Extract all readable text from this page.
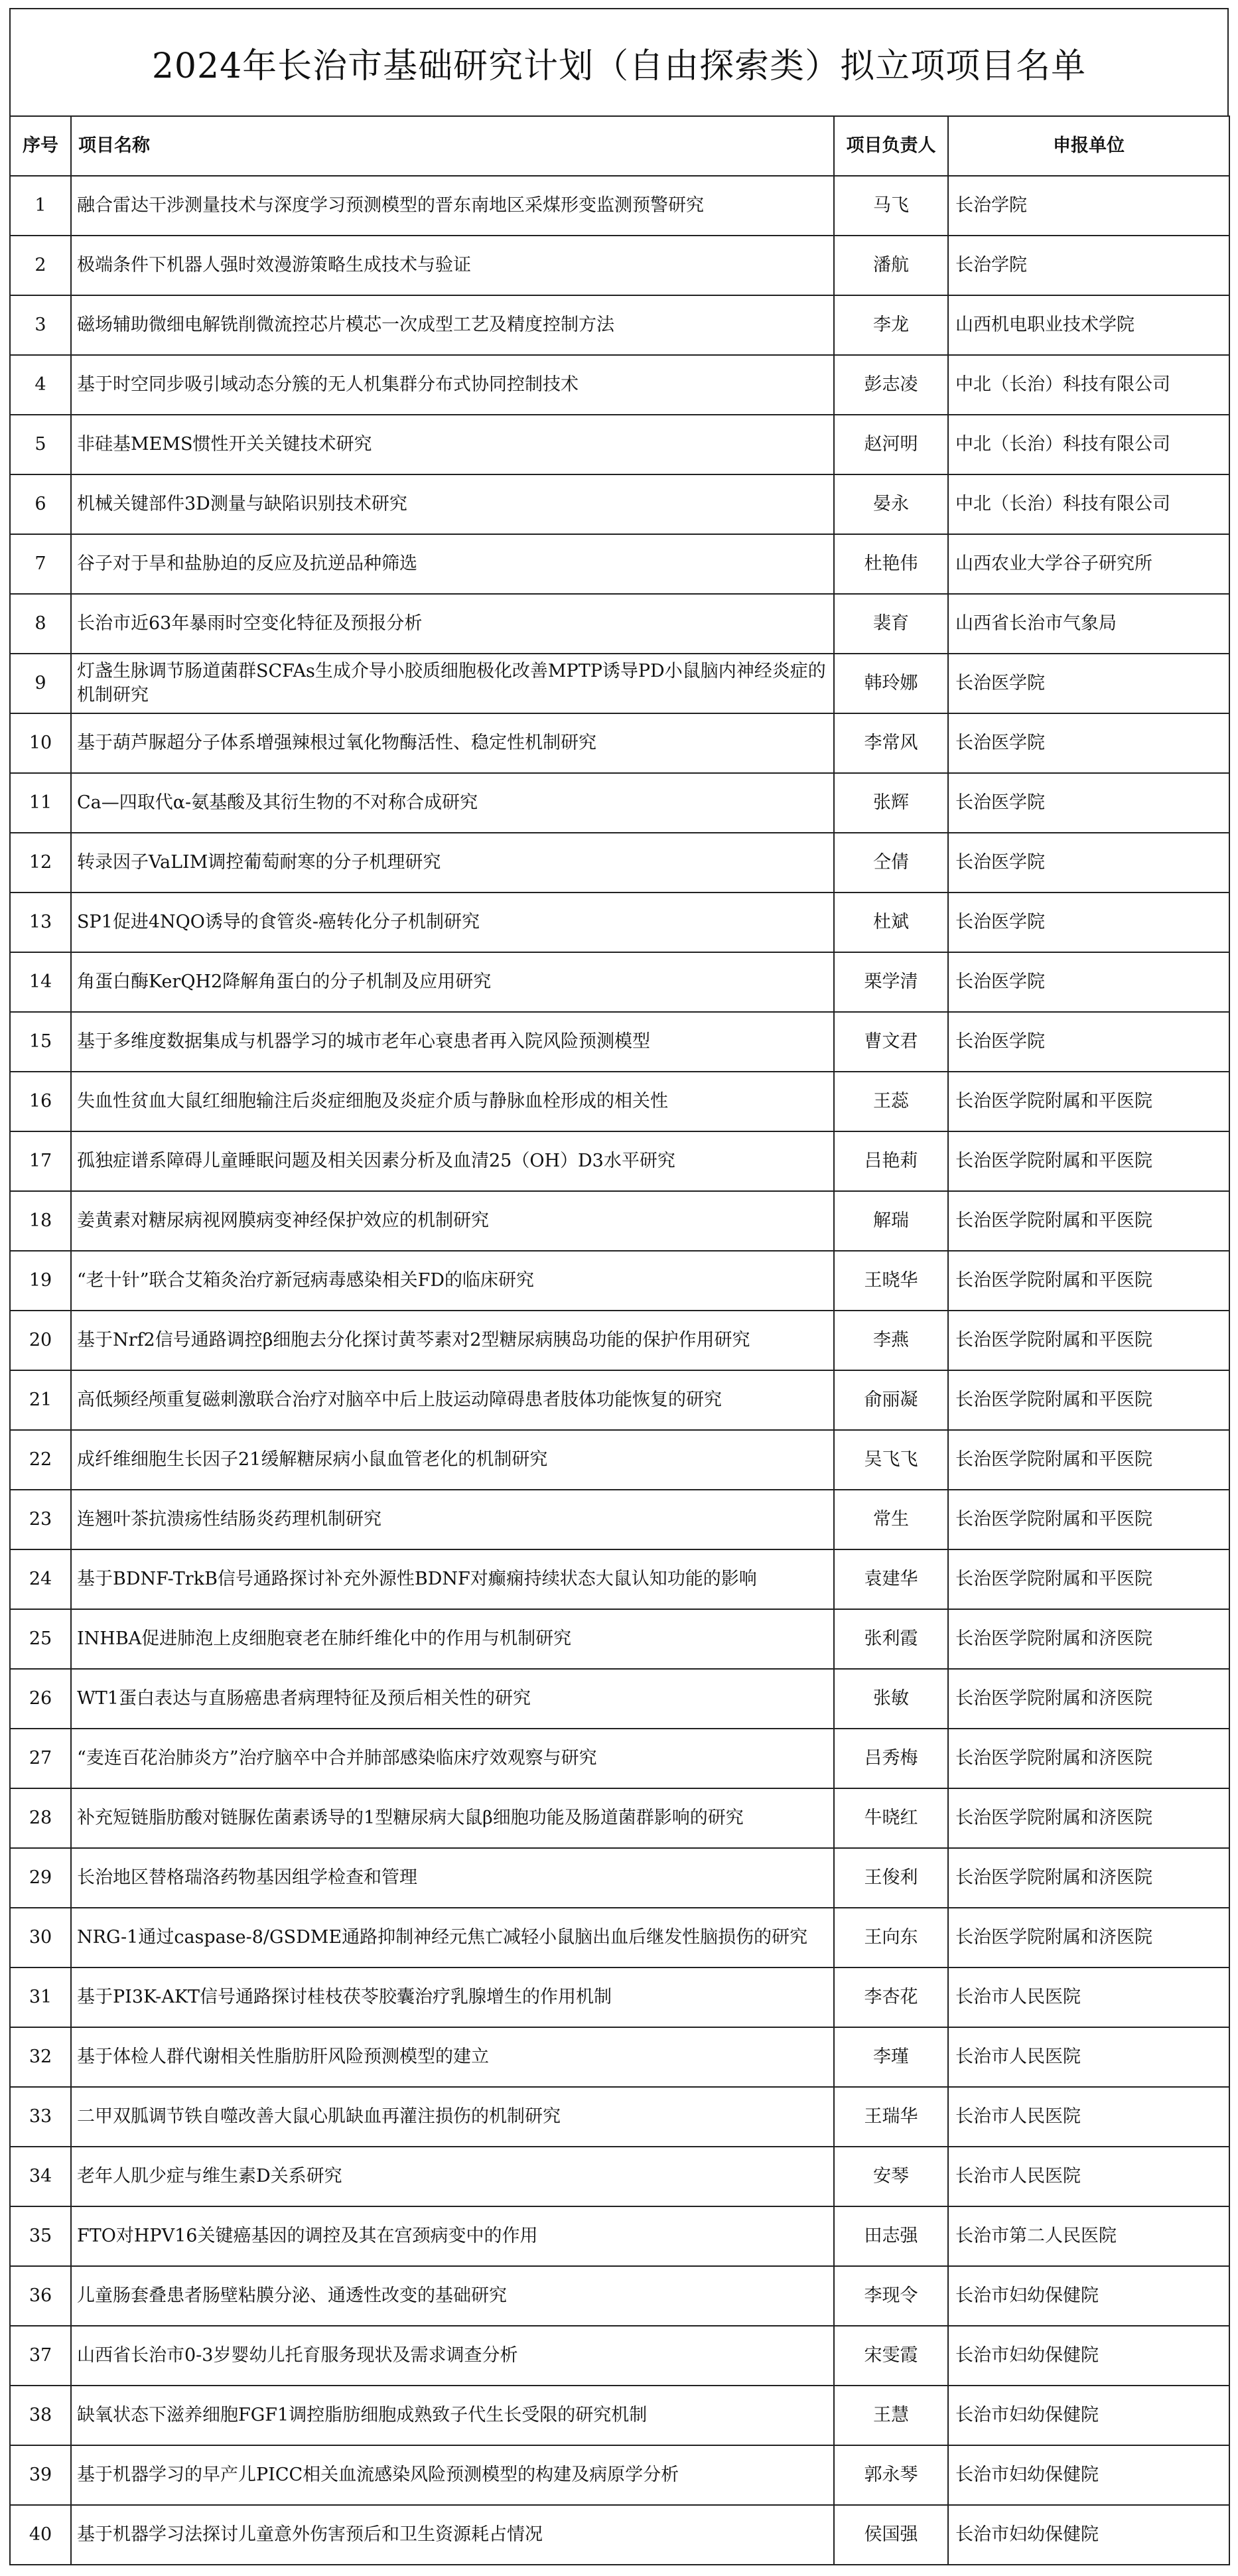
2024年长治市基础研究计划（自由探索类）拟立项项目名单
序号	项目名称	项目负责人	申报单位
1	融合雷达干涉测量技术与深度学习预测模型的晋东南地区采煤形变监测预警研究	马飞	长治学院
2	极端条件下机器人强时效漫游策略生成技术与验证	潘航	长治学院
3	磁场辅助微细电解铣削微流控芯片模芯一次成型工艺及精度控制方法	李龙	山西机电职业技术学院
4	基于时空同步吸引域动态分簇的无人机集群分布式协同控制技术	彭志凌	中北（长治）科技有限公司
5	非硅基MEMS惯性开关关键技术研究	赵河明	中北（长治）科技有限公司
6	机械关键部件3D测量与缺陷识别技术研究	晏永	中北（长治）科技有限公司
7	谷子对于旱和盐胁迫的反应及抗逆品种筛选	杜艳伟	山西农业大学谷子研究所
8	长治市近63年暴雨时空变化特征及预报分析	裴育	山西省长治市气象局
9	灯盏生脉调节肠道菌群SCFAs生成介导小胶质细胞极化改善MPTP诱导PD小鼠脑内神经炎症的机制研究	韩玲娜	长治医学院
10	基于葫芦脲超分子体系增强辣根过氧化物酶活性、稳定性机制研究	李常风	长治医学院
11	Ca—四取代α-氨基酸及其衍生物的不对称合成研究	张辉	长治医学院
12	转录因子VaLIM调控葡萄耐寒的分子机理研究	仝倩	长治医学院
13	SP1促进4NQO诱导的食管炎-癌转化分子机制研究	杜斌	长治医学院
14	角蛋白酶KerQH2降解角蛋白的分子机制及应用研究	栗学清	长治医学院
15	基于多维度数据集成与机器学习的城市老年心衰患者再入院风险预测模型	曹文君	长治医学院
16	失血性贫血大鼠红细胞输注后炎症细胞及炎症介质与静脉血栓形成的相关性	王蕊	长治医学院附属和平医院
17	孤独症谱系障碍儿童睡眠问题及相关因素分析及血清25（OH）D3水平研究	吕艳莉	长治医学院附属和平医院
18	姜黄素对糖尿病视网膜病变神经保护效应的机制研究	解瑞	长治医学院附属和平医院
19	“老十针”联合艾箱灸治疗新冠病毒感染相关FD的临床研究	王晓华	长治医学院附属和平医院
20	基于Nrf2信号通路调控β细胞去分化探讨黄芩素对2型糖尿病胰岛功能的保护作用研究	李燕	长治医学院附属和平医院
21	高低频经颅重复磁刺激联合治疗对脑卒中后上肢运动障碍患者肢体功能恢复的研究	俞丽凝	长治医学院附属和平医院
22	成纤维细胞生长因子21缓解糖尿病小鼠血管老化的机制研究	吴飞飞	长治医学院附属和平医院
23	连翘叶茶抗溃疡性结肠炎药理机制研究	常生	长治医学院附属和平医院
24	基于BDNF-TrkB信号通路探讨补充外源性BDNF对癫痫持续状态大鼠认知功能的影响	袁建华	长治医学院附属和平医院
25	INHBA促进肺泡上皮细胞衰老在肺纤维化中的作用与机制研究	张利霞	长治医学院附属和济医院
26	WT1蛋白表达与直肠癌患者病理特征及预后相关性的研究	张敏	长治医学院附属和济医院
27	“麦连百花治肺炎方”治疗脑卒中合并肺部感染临床疗效观察与研究	吕秀梅	长治医学院附属和济医院
28	补充短链脂肪酸对链脲佐菌素诱导的1型糖尿病大鼠β细胞功能及肠道菌群影响的研究	牛晓红	长治医学院附属和济医院
29	长治地区替格瑞洛药物基因组学检查和管理	王俊利	长治医学院附属和济医院
30	NRG-1通过caspase-8/GSDME通路抑制神经元焦亡减轻小鼠脑出血后继发性脑损伤的研究	王向东	长治医学院附属和济医院
31	基于PI3K-AKT信号通路探讨桂枝茯苓胶囊治疗乳腺增生的作用机制	李杏花	长治市人民医院
32	基于体检人群代谢相关性脂肪肝风险预测模型的建立	李瑾	长治市人民医院
33	二甲双胍调节铁自噬改善大鼠心肌缺血再灌注损伤的机制研究	王瑞华	长治市人民医院
34	老年人肌少症与维生素D关系研究	安琴	长治市人民医院
35	FTO对HPV16关键癌基因的调控及其在宫颈病变中的作用	田志强	长治市第二人民医院
36	儿童肠套叠患者肠壁粘膜分泌、通透性改变的基础研究	李现令	长治市妇幼保健院
37	山西省长治市0-3岁婴幼儿托育服务现状及需求调查分析	宋雯霞	长治市妇幼保健院
38	缺氧状态下滋养细胞FGF1调控脂肪细胞成熟致子代生长受限的研究机制	王慧	长治市妇幼保健院
39	基于机器学习的早产儿PICC相关血流感染风险预测模型的构建及病原学分析	郭永琴	长治市妇幼保健院
40	基于机器学习法探讨儿童意外伤害预后和卫生资源耗占情况	侯国强	长治市妇幼保健院
